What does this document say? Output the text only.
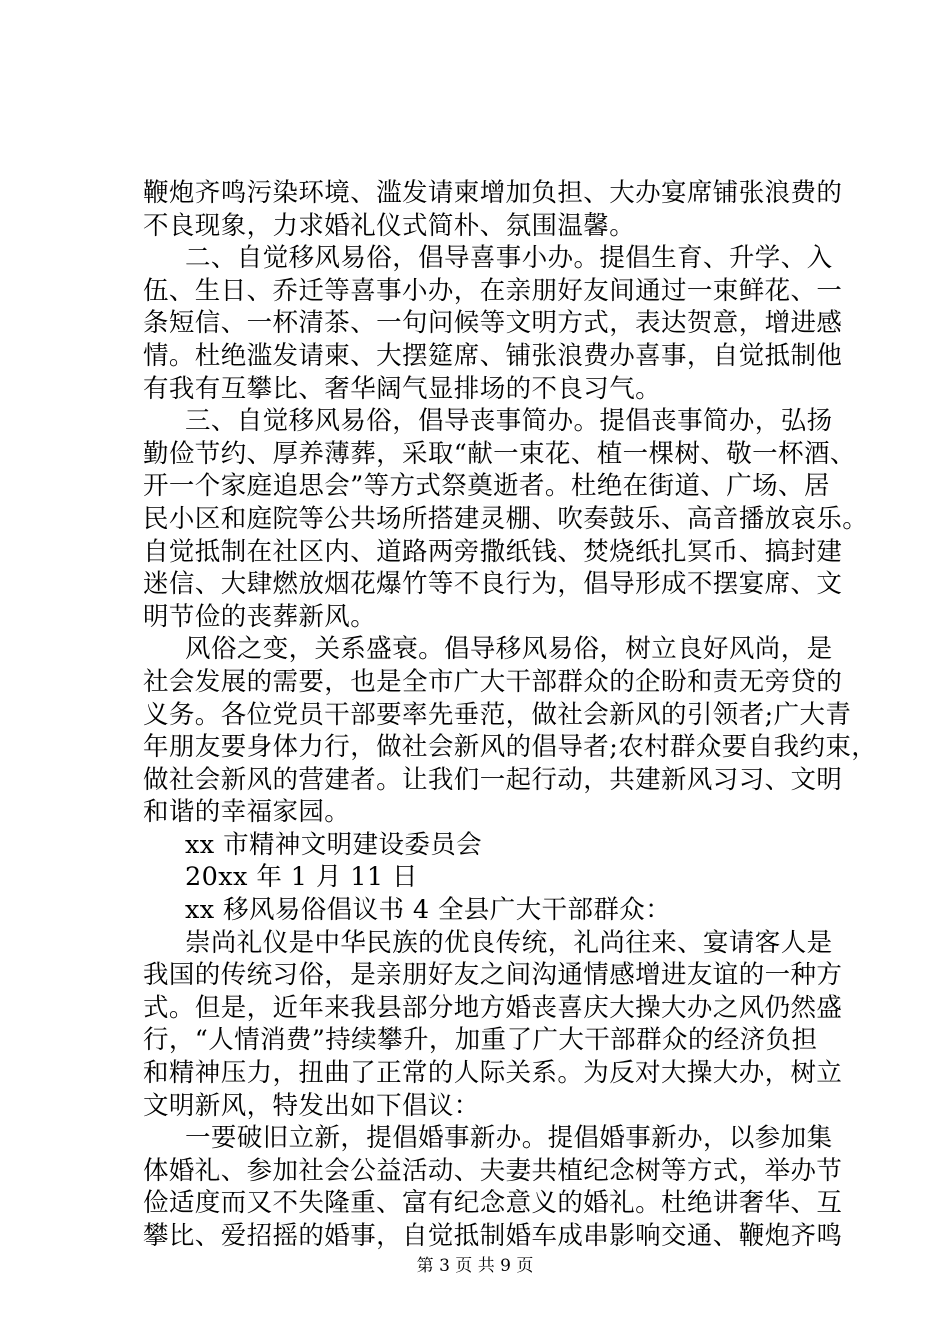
鞭炮齐鸣污染环境、滥发请柬增加负担、大办宴席铺张浪费的
不良现象，力求婚礼仪式简朴、氛围温馨。
二、自觉移风易俗，倡导喜事小办。提倡生育、升学、入
伍、生日、乔迁等喜事小办，在亲朋好友间通过一束鲜花、一
条短信、一杯清茶、一句问候等文明方式，表达贺意，增进感
情。杜绝滥发请柬、大摆筵席、铺张浪费办喜事，自觉抵制他
有我有互攀比、奢华阔气显排场的不良习气。
三、自觉移风易俗，倡导丧事简办。提倡丧事简办，弘扬
勤俭节约、厚养薄葬，采取“献一束花、植一棵树、敬一杯酒、
开一个家庭追思会”等方式祭奠逝者。杜绝在街道、广场、居
民小区和庭院等公共场所搭建灵棚、吹奏鼓乐、高音播放哀乐。
自觉抵制在社区内、道路两旁撒纸钱、焚烧纸扎冥币、搞封建
迷信、大肆燃放烟花爆竹等不良行为，倡导形成不摆宴席、文
明节俭的丧葬新风。
风俗之变，关系盛衰。倡导移风易俗，树立良好风尚，是
社会发展的需要，也是全市广大干部群众的企盼和责无旁贷的
义务。各位党员干部要率先垂范，做社会新风的引领者;广大青
年朋友要身体力行，做社会新风的倡导者;农村群众要自我约束，
做社会新风的营建者。让我们一起行动，共建新风习习、文明
和谐的幸福家园。
xx 市精神文明建设委员会
20xx 年 1 月 11 日
xx 移风易俗倡议书 4 全县广大干部群众：
崇尚礼仪是中华民族的优良传统，礼尚往来、宴请客人是
我国的传统习俗，是亲朋好友之间沟通情感增进友谊的一种方
式。但是，近年来我县部分地方婚丧喜庆大操大办之风仍然盛
行，“人情消费”持续攀升，加重了广大干部群众的经济负担
和精神压力，扭曲了正常的人际关系。为反对大操大办，树立
文明新风，特发出如下倡议：
一要破旧立新，提倡婚事新办。提倡婚事新办，以参加集
体婚礼、参加社会公益活动、夫妻共植纪念树等方式，举办节
俭适度而又不失隆重、富有纪念意义的婚礼。杜绝讲奢华、互
攀比、爱招摇的婚事，自觉抵制婚车成串影响交通、鞭炮齐鸣
第 3 页 共 9 页
